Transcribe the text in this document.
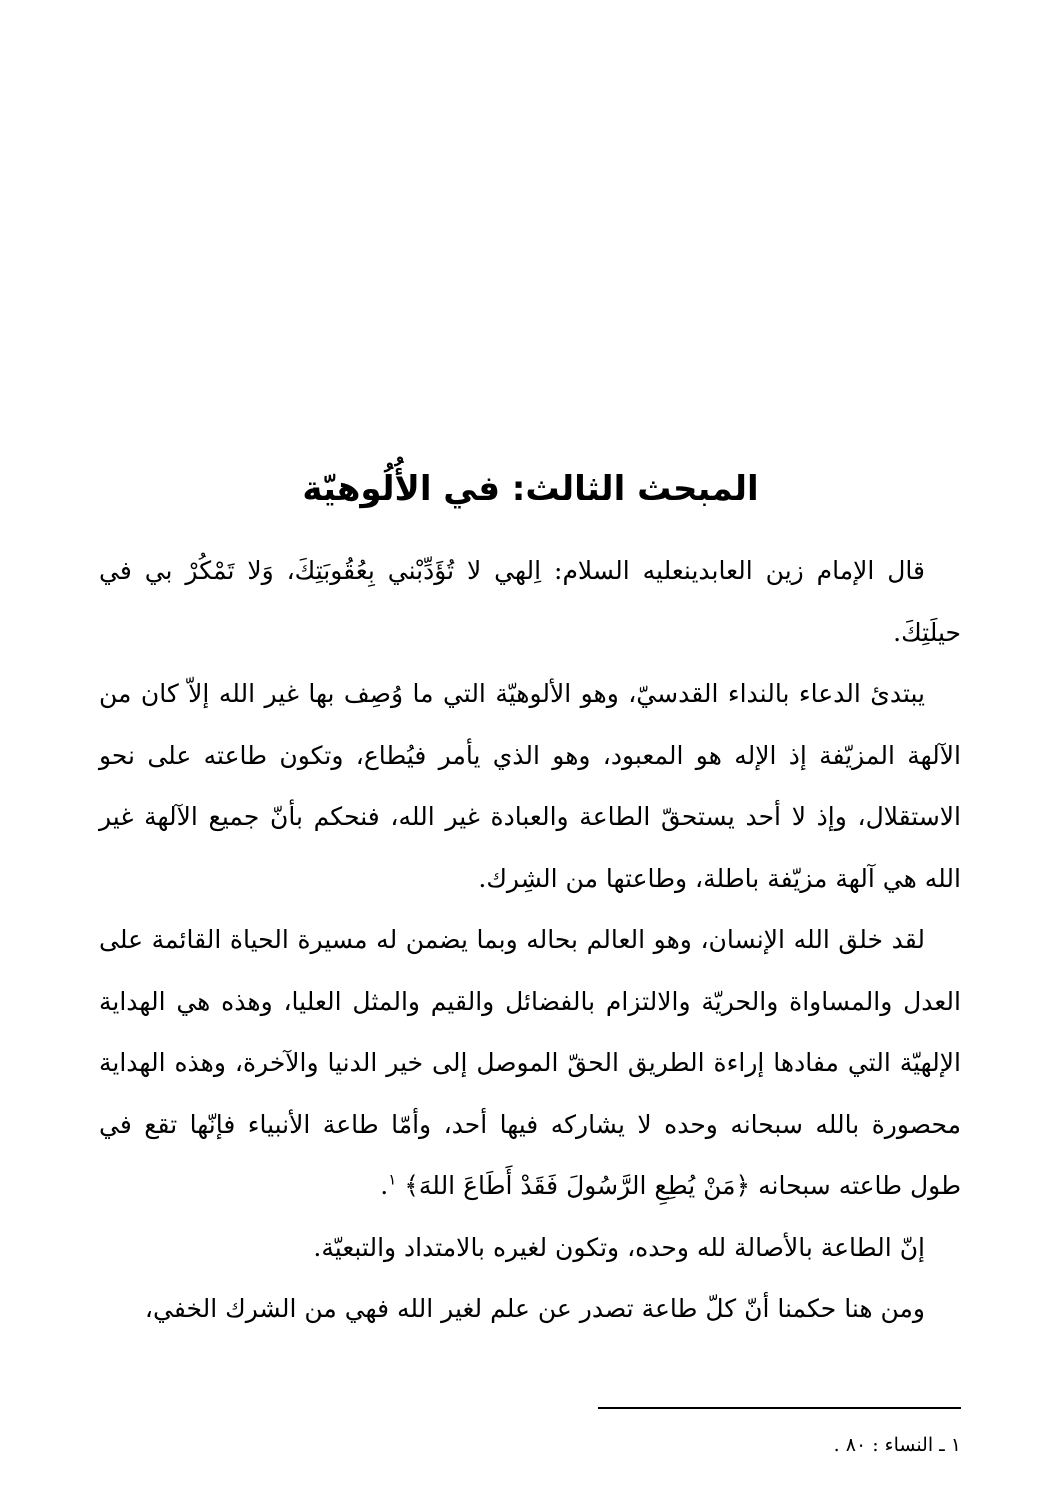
المبحث الثالث: في الأُلُوهيّة

قال الإمام زين العابدينعليه السلام: اِلهي لا تُؤَدِّبْني بِعُقُوبَتِكَ، وَلا تَمْكُرْ بي في حيلَتِكَ.

يبتدئ الدعاء بالنداء القدسيّ، وهو الألوهيّة التي ما وُصِف بها غير الله إلاّ كان من الآلهة المزيّفة إذ الإله هو المعبود، وهو الذي يأمر فيُطاع، وتكون طاعته على نحو الاستقلال، وإذ لا أحد يستحقّ الطاعة والعبادة غير الله، فنحكم بأنّ جميع الآلهة غير الله هي آلهة مزيّفة باطلة، وطاعتها من الشِرك.

لقد خلق الله الإنسان، وهو العالم بحاله وبما يضمن له مسيرة الحياة القائمة على العدل والمساواة والحريّة والالتزام بالفضائل والقيم والمثل العليا، وهذه هي الهداية الإلهيّة التي مفادها إراءة الطريق الحقّ الموصل إلى خير الدنيا والآخرة، وهذه الهداية محصورة بالله سبحانه وحده لا يشاركه فيها أحد، وأمّا طاعة الأنبياء فإنّها تقع في طول طاعته سبحانه ﴿مَنْ يُطِعِ الرَّسُولَ فَقَدْ أَطَاعَ اللهَ﴾ $^١$.

إنّ الطاعة بالأصالة لله وحده، وتكون لغيره بالامتداد والتبعيّة.

ومن هنا حكمنا أنّ كلّ طاعة تصدر عن علم لغير الله فهي من الشرك الخفي،

١ ـ النساء : ٨٠ .
